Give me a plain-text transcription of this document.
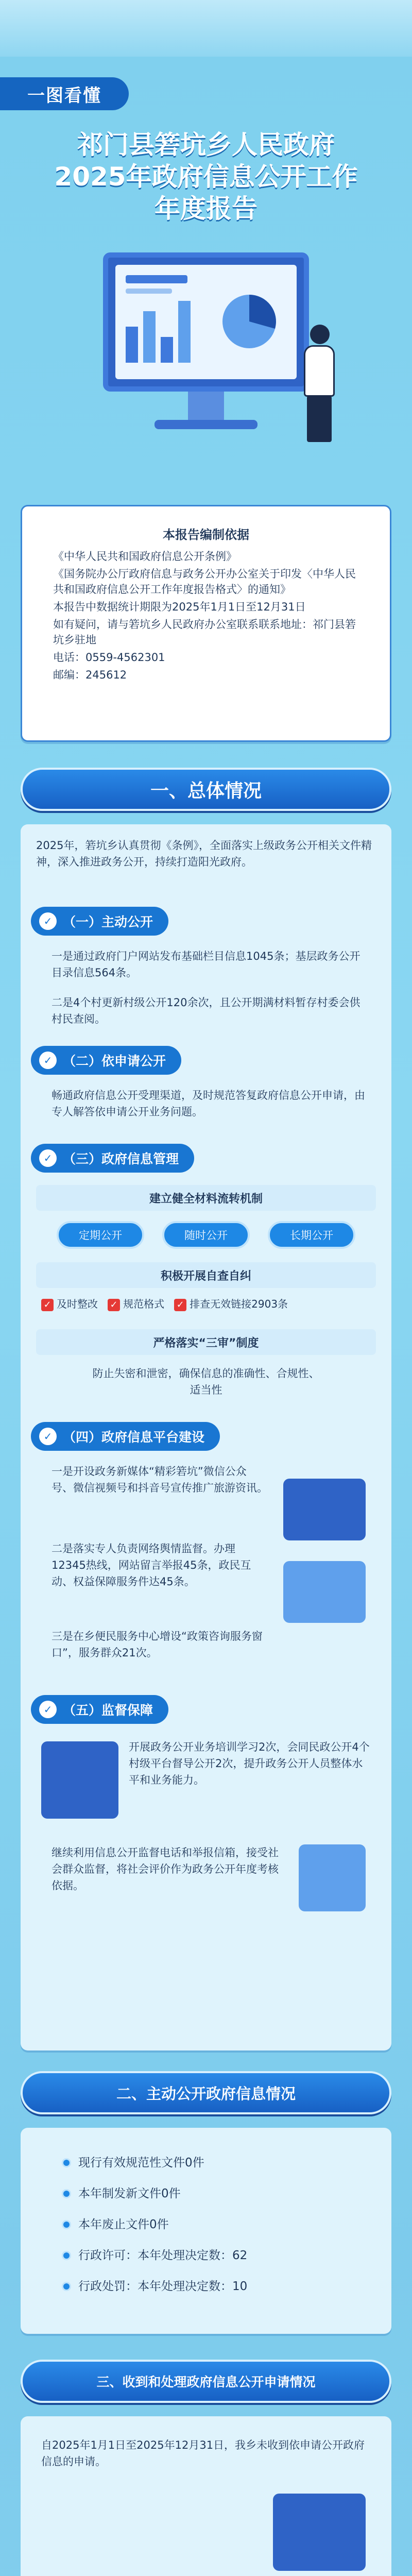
一图看懂
祁门县箬坑乡人民政府
2025年政府信息公开工作
年度报告
本报告编制依据

《中华人民共和国政府信息公开条例》

《国务院办公厅政府信息与政务公开办公室关于印发〈中华人民共和国政府信息公开工作年度报告格式〉的通知》

本报告中数据统计期限为2025年1月1日至12月31日

如有疑问，请与箬坑乡人民政府办公室联系联系地址：祁门县箬坑乡驻地

电话：0559-4562301

邮编：245612

一、总体情况
2025年，箬坑乡认真贯彻《条例》，全面落实上级政务公开相关文件精神，深入推进政务公开，持续打造阳光政府。
✓ （一）主动公开
一是通过政府门户网站发布基础栏目信息1045条；基层政务公开目录信息564条。
二是4个村更新村级公开120余次，且公开期满材料暂存村委会供村民查阅。
✓ （二）依申请公开
畅通政府信息公开受理渠道，及时规范答复政府信息公开申请，由专人解答依申请公开业务问题。
✓ （三）政府信息管理
建立健全材料流转机制
定期公开	随时公开	长期公开
积极开展自查自纠
✓ 及时整改 ✓ 规范格式 ✓ 排查无效链接2903条
严格落实“三审”制度
防止失密和泄密，确保信息的准确性、合规性、适当性
✓ （四）政府信息平台建设
一是开设政务新媒体“精彩箬坑”微信公众号、微信视频号和抖音号宣传推广旅游资讯。
二是落实专人负责网络舆情监督。办理12345热线，网站留言举报45条，政民互动、权益保障服务件达45条。
三是在乡便民服务中心增设“政策咨询服务窗口”，服务群众21次。
✓ （五）监督保障
开展政务公开业务培训学习2次，会同民政公开4个村级平台督导公开2次，提升政务公开人员整体水平和业务能力。
继续利用信息公开监督电话和举报信箱，接受社会群众监督，将社会评价作为政务公开年度考核依据。
二、主动公开政府信息情况
现行有效规范性文件0件
本年制发新文件0件
本年废止文件0件
行政许可：本年处理决定数：62
行政处罚：本年处理决定数：10
三、收到和处理政府信息公开申请情况
自2025年1月1日至2025年12月31日，我乡未收到依申请公开政府信息的申请。
